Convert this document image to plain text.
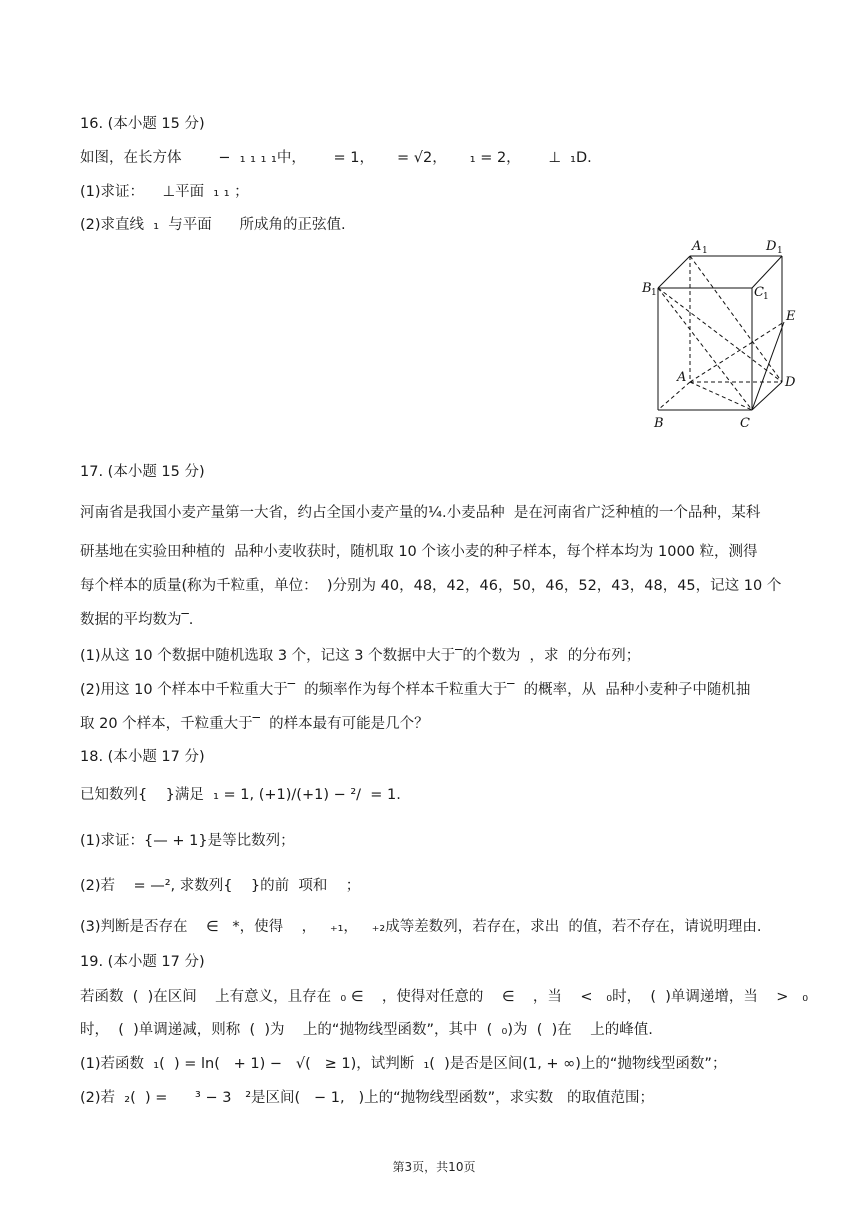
16. (本小题 15 分)
如图，在长方体        −  ₁ ₁ ₁ ₁中，      = 1，     = √2，     ₁ = 2，      ⊥  ₁D.
(1)求证：    ⊥平面  ₁ ₁ ；
(2)求直线  ₁  与平面      所成角的正弦值.
A 1	D 1
B 1	C 1
E
A	D
B	C
17. (本小题 15 分)
河南省是我国小麦产量第一大省，约占全国小麦产量的¼.小麦品种  是在河南省广泛种植的一个品种，某科
研基地在实验田种植的  品种小麦收获时，随机取 10 个该小麦的种子样本，每个样本均为 1000 粒，测得
每个样本的质量(称为千粒重，单位：  )分别为 40，48，42，46，50，46，52，43，48，45，记这 10 个
数据的平均数为‾.
(1)从这 10 个数据中随机选取 3 个，记这 3 个数据中大于‾的个数为  ，求  的分布列；
(2)用这 10 个样本中千粒重大于‾  的频率作为每个样本千粒重大于‾  的概率，从  品种小麦种子中随机抽
取 20 个样本，千粒重大于‾  的样本最有可能是几个？
18. (本小题 17 分)
已知数列{    }满足  ₁ = 1, (+1)/(+1) − ²/  = 1.
(1)求证：{— + 1}是等比数列；
(2)若    = —², 求数列{    }的前  项和    ；
(3)判断是否存在    ∈   *，使得    ，   ₊₁，   ₊₂成等差数列，若存在，求出  的值，若不存在，请说明理由.
19. (本小题 17 分)
若函数  (  )在区间    上有意义，且存在  ₀ ∈    ，使得对任意的    ∈    ，当    <   ₀时，  (  )单调递增，当    >   ₀
时，  (  )单调递减，则称  (  )为    上的“抛物线型函数”，其中  (  ₀)为  (  )在    上的峰值.
(1)若函数  ₁(  ) = ln(   + 1) −   √(   ≥ 1)，试判断  ₁(  )是否是区间(1, + ∞)上的“抛物线型函数”；
(2)若  ₂(  ) =      ³ − 3   ²是区间(   − 1,   )上的“抛物线型函数”，求实数   的取值范围；
第3页，共10页
